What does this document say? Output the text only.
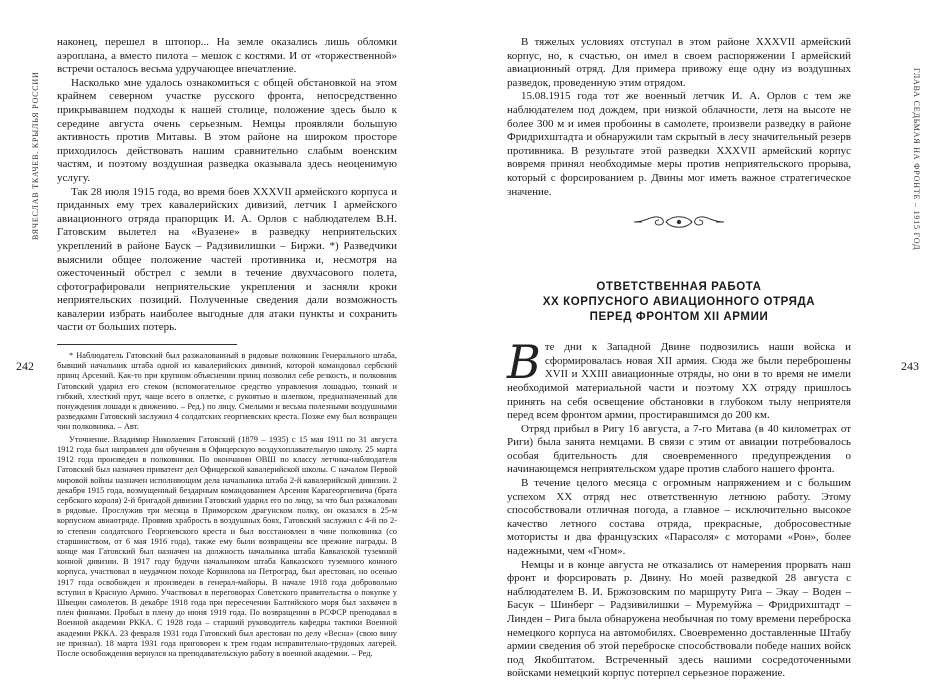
ВЯЧЕСЛАВ ТКАЧЕВ. КРЫЛЬЯ РОССИИ
242

наконец, перешел в штопор... На земле оказались лишь обломки аэроплана, а вместо пилота – мешок с костями. И от «торжественной» встречи осталось весьма удручающее впечатление.

Насколько мне удалось ознакомиться с общей обстановкой на этом крайнем северном участке русского фронта, непосредственно прикрывавшем подходы к нашей столице, положение здесь было к середине августа очень серьезным. Немцы проявляли большую активность против Митавы. В этом районе на широком просторе приходилось действовать нашим сравнительно слабым военским частям, и поэтому воздушная разведка оказывала здесь неоценимую услугу.

Так 28 июля 1915 года, во время боев XXXVII армейского корпуса и приданных ему трех кавалерийских дивизий, летчик I армейского авиационного отряда прапорщик И. А. Орлов с наблюдателем В.Н. Гатовским вылетел на «Вуазене» в разведку неприятельских укреплений в районе Бауск – Радзивилишки – Биржи. *) Разведчики выяснили общее положение частей противника и, несмотря на ожесточенный обстрел с земли в течение двухчасового полета, сфотографировали неприятельские укрепления и засняли кроки неприятельских позиций. Полученные сведения дали возможность кавалерии избрать наиболее выгодные для атаки пункты и сохранить части от больших потерь.

* Наблюдатель Гатовский был разжалованный в рядовые полковник Генерального штаба, бывший начальник штаба одной из кавалерийских дивизий, которой командовал сербский принц Арсений. Как-то при крупном объяснении принц позволил себе резкость, и полковник Гатовский ударил его стеком (вспомогательное средство управления лошадью, тонкий и гибкий, хлесткий прут, чаще всего в оплетке, с рукоятью и шлепком, предназначенный для понуждения лошади к движению. – Ред.) по лицу. Смелыми и весьма полезными воздушными разведками Гатовский заслужил 4 солдатских георгиевских креста. Позже ему был возвращен чин полковника. – Авт.

Уточнение. Владимир Николаевич Гатовский (1879 – 1935) с 15 мая 1911 по 31 августа 1912 года был направлен для обучения в Офицерскую воздухоплавательную школу. 25 марта 1912 года произведен в полковники. По окончании ОВШ по классу летчика-наблюдателя Гатовский был назначен приватент дел Офицерской кавалерийской школы. С началом Первой мировой войны назначен исполняющим дела начальника штаба 2-й кавалерийской дивизии. 2 декабря 1915 года, возмущенный бездарным командованием Арсения Карагеоргиевича (брата сербского короля) 2-й бригадой дивизии Гатовский ударил его по лицу, за что был разжалован в рядовые. Прослужив три месяца в Приморском драгунском полку, он оказался в 25-м корпусном авиаотряде. Проявив храбрость в воздушных боях, Гатовский заслужил с 4-й по 2-ю степени солдатского Георгиевского креста и был восстановлен в чине полковника (со старшинством, от 6 мая 1916 года), также ему были возвращены все прежние награды. В конце мая Гатовский был назначен на должность начальника штаба Кавказской туземной конной дивизии. В 1917 году будучи начальником штаба Кавказского туземного конного корпуса, участвовал в неудачном походе Корнилова на Петроград, был арестован, но осенью 1917 года освобожден и произведен в генерал-майоры. В начале 1918 года добровольно вступил в Красную Армию. Участвовал в переговорах Советского правительства о покупке у Швеции самолетов. В декабре 1918 года при пересечении Балтийского моря был захвачен в плен финнами. Пробыл в плену до июня 1919 года. По возвращении в РСФСР преподавал в Военной академии РККА. С 1928 года – старший руководитель кафедры тактики Военной академии РККА. 23 февраля 1931 года Гатовский был арестован по делу «Весна» (свою вину не признал). 18 марта 1931 года приговорен к трем годам исправительно-трудовых лагерей. После освобождения вернулся на преподавательскую работу в военной академии. – Ред.

ГЛАВА СЕДЬМАЯ НА ФРОНТЕ – 1915 ГОД
243

В тяжелых условиях отступал в этом районе XXXVII армейский корпус, но, к счастью, он имел в своем распоряжении I армейский авиационный отряд. Для примера привожу еще одну из воздушных разведок, проведенную этим отрядом.

15.08.1915 года тот же военный летчик И. А. Орлов с тем же наблюдателем под дождем, при низкой облачности, летя на высоте не более 300 м и имея пробоины в самолете, произвели разведку в районе Фридрихштадта и обнаружили там скрытый в лесу значительный резерв противника. В результате этой разведки XXXVII армейский корпус вовремя принял необходимые меры против неприятельского прорыва, который с форсированием р. Двины мог иметь важное стратегическое значение.

ОТВЕТСТВЕННАЯ РАБОТА
XX КОРПУСНОГО АВИАЦИОННОГО ОТРЯДА
ПЕРЕД ФРОНТОМ XII АРМИИ

Вте дни к Западной Двине подвозились наши войска и сформировалась новая XII армия. Сюда же были переброшены XVII и XXIII авиационные отряды, но они в то время не имели необходимой материальной части и поэтому XX отряду пришлось принять на себя освещение обстановки в глубоком тылу неприятеля перед всем фронтом армии, простиравшимся до 200 км.

Отряд прибыл в Ригу 16 августа, а 7-го Митава (в 40 километрах от Риги) была занята немцами. В связи с этим от авиации потребовалось особая бдительность для своевременного предупреждения о начинающемся неприятельском ударе против слабого нашего фронта.

В течение целого месяца с огромным напряжением и с большим успехом XX отряд нес ответственную летнюю работу. Этому способствовали отличная погода, а главное – исключительно высокое качество летного состава отряда, прекрасные, добросовестные мотористы и два французских «Парасоля» с моторами «Рон», более надежными, чем «Гном».

Немцы и в конце августа не отказались от намерения прорвать наш фронт и форсировать р. Двину. Но моей разведкой 28 августа с наблюдателем В. И. Бржозовским по маршруту Рига – Экау – Воден – Басук – Шинберг – Радзивилишки – Муремуйжа – Фридрихштадт – Линден – Рига была обнаружена необычная по тому времени переброска немецкого корпуса на автомобилях. Своевременно доставленные Штабу армии сведения об этой переброске способствовали победе наших войск под Якобштатом. Встреченный здесь нашими сосредоточенными войсками немецкий корпус потерпел серьезное поражение.
